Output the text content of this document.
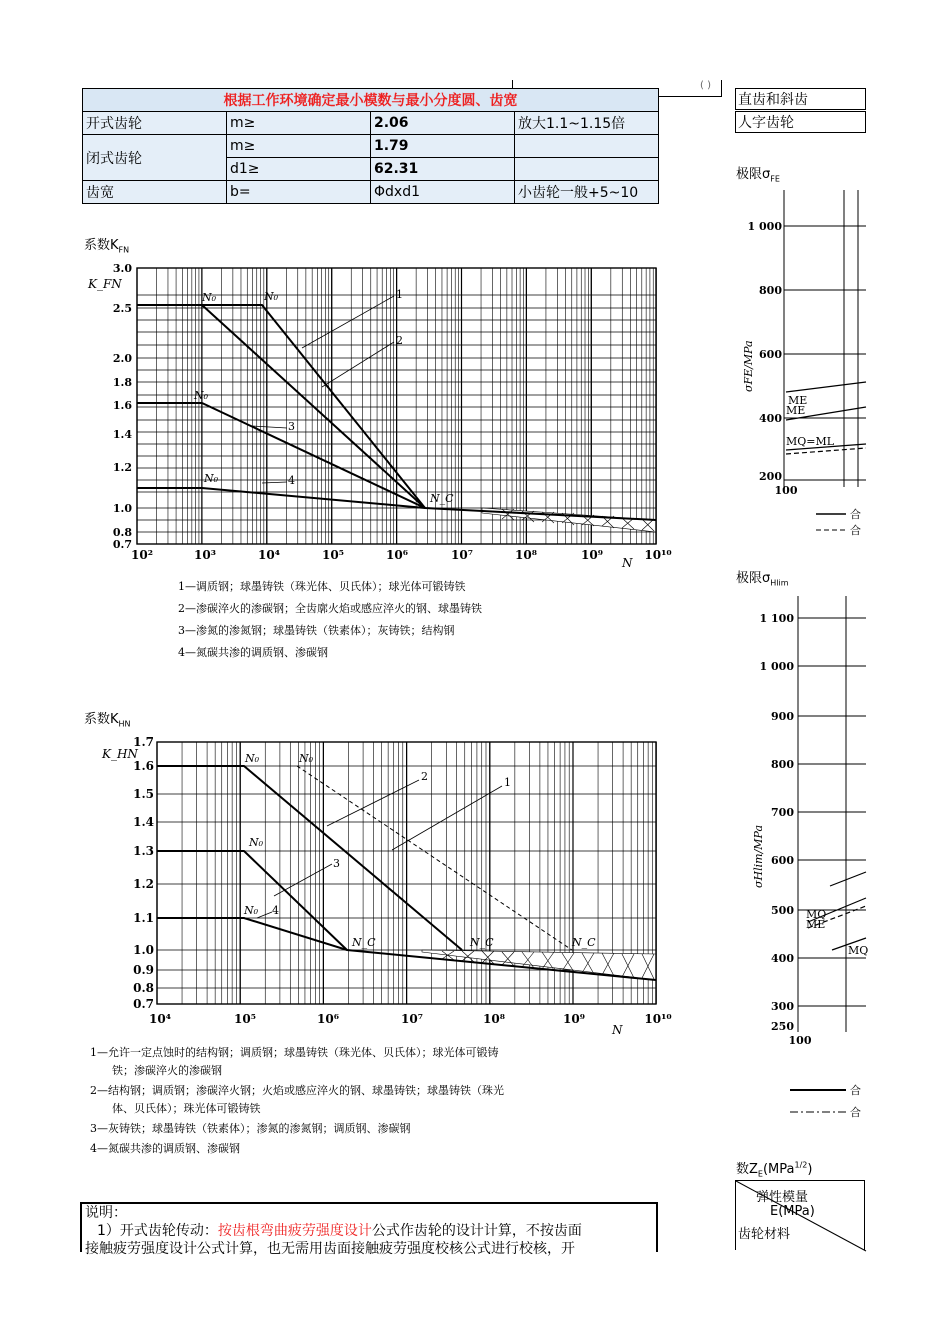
( )
根据工作环境确定最小模数与最小分度圆、齿宽			
开式齿轮	m≥	2.06	放大1.1~1.15倍
闭式齿轮	m≥	1.79	
	d1≥	62.31	
齿宽	b=	Φdxd1	小齿轮一般+5~10
直齿和斜齿
人字齿轮
系数$K_{FN}$
系数$K_{HN}$
极限$\sigma_{FE}$
极限$\sigma_{Hlim}$
数$Z_E(MPa^{1/2})$
K_FN
3.0
2.5
2.0
1.8
1.6
1.4
1.2
1.0
0.8
0.7
10²	10³	10⁴	10⁵	10⁶	10⁷	10⁸	10⁹	10¹⁰
N
N₀	N₀
N₀
N₀
N_C
1
2
3
4
1—调质钢；球墨铸铁（珠光体、贝氏体）；球光体可锻铸铁
2—渗碳淬火的渗碳钢；全齿廓火焰或感应淬火的钢、球墨铸铁
3—渗氮的渗氮钢；球墨铸铁（铁素体）；灰铸铁；结构钢
4—氮碳共渗的调质钢、渗碳钢
K_HN
1.7
1.6
1.5
1.4
1.3
1.2
1.1
1.0
0.9
0.8
0.7
10⁴	10⁵	10⁶	10⁷	10⁸	10⁹	10¹⁰
N
N₀	N₀
N₀
N₀
N_C	N_C	N_C
1
2
3
4
1—允许一定点蚀时的结构钢；调质钢；球墨铸铁（珠光体、贝氏体）；球光体可锻铸
铁；渗碳淬火的渗碳钢
2—结构钢；调质钢；渗碳淬火钢；火焰或感应淬火的钢、球墨铸铁；球墨铸铁（珠光
体、贝氏体）；珠光体可锻铸铁
3—灰铸铁；球墨铸铁（铁素体）；渗氮的渗氮钢；调质钢、渗碳钢
4—氮碳共渗的调质钢、渗碳钢
1 000
800
600
400
200
100
σFE/MPa
ME
ME
MQ=ML
合
合
1 100
1 000
900
800
700
600
500
400
300
250
100
σHlim/MPa
MQ
ME
MQ
合
合
弹性模量
E(MPa)
齿轮材料
说明：
1）开式齿轮传动：按齿根弯曲疲劳强度设计公式作齿轮的设计计算，不按齿面
接触疲劳强度设计公式计算，也无需用齿面接触疲劳强度校核公式进行校核，开
